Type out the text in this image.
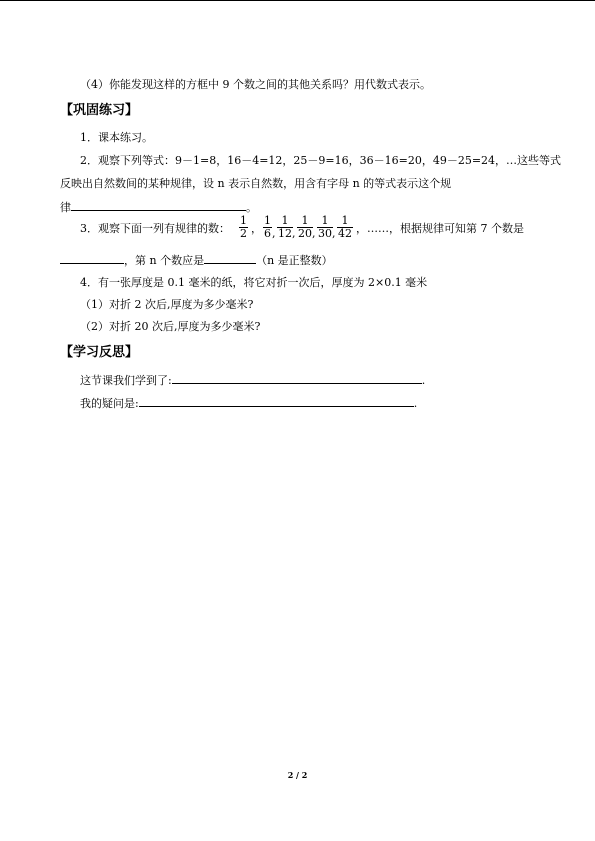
（4）你能发现这样的方框中 9 个数之间的其他关系吗？用代数式表示。
【巩固练习】
1．课本练习。
2．观察下列等式：9－1=8，16－4=12，25－9=16，36－16=20，49－25=24，…这些等式
反映出自然数间的某种规律，设 n 表示自然数，用含有字母 n 的等式表示这个规
律	。
3．观察下面一列有规律的数： $\frac{1}{2}$ ， $\frac{1}{6}$ , $\frac{1}{12}$ , $\frac{1}{20}$ , $\frac{1}{30}$ , $\frac{1}{42}$ ，……，根据规律可知第 7 个数是
，第 n 个数应是	（n 是正整数）
4．有一张厚度是 0.1 毫米的纸，将它对折一次后，厚度为 2×0.1 毫米
（1）对折 2 次后,厚度为多少毫米?
（2）对折 20 次后,厚度为多少毫米?
【学习反思】
这节课我们学到了:	.
我的疑问是:	.
2 / 2
